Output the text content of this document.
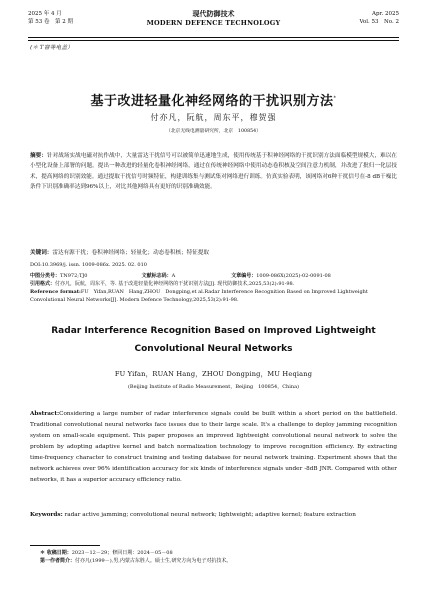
2025 年 4 月
第 53 卷　第 2 期
现代防御技术
MODERN DEFENCE TECHNOLOGY
Apr. 2025
Vol. 53　No. 2
(＊Ｔ窨等电盖）
基于改进轻量化神经网络的干扰识别方法*
付亦凡，阮航，周东平，穆贺强
（北京无线电测量研究所，北京　100854）
摘要：针对战场实战电磁对抗作战中，大量雷达干扰信号可以被简单迅速地生成，使用传统基于积神经网络的干扰识别方法面临模型规模大，难以在小型化设备上部署的问题。提出一种改进的轻量化卷积神经网络，通过在传统神经网络中使用动态卷积核及空间注意力机制，并改进了批归一化层技术，提高网络的识别效能。通过提取干扰信号时频特征，构建训练集与测试集对网络进行训练。仿真实验表明，该网络对6种干扰信号在-8 dB干噪比条件下识别准确率达到96%以上，对比其他网络具有更好的识别准确效能。
关键词：雷达有源干扰；卷积神经网络；轻量化；动态卷积核；特征提取
DOI:10.3969/j. issn. 1009-086x. 2025. 02. 010
中图分类号：TN972;TJ0	文献标志码：A	文章编号：1009-086X(2025)-02-0091-08
引用格式：付亦凡，阮航，周东平，等. 基于改进轻量化神经网络的干扰识别方法[J]. 现代防御技术,2025,53(2):91-98.
Reference format:FU　Yifan,RUAN　Hang,ZHOU　Dongping,et al.Radar Interference Recognition Based on Improved Lightweight Convolutional Neural Networks[J]. Modern Defence Technology,2025,53(2):91-98.
Radar Interference Recognition Based on Improved Lightweight Convolutional Neural Networks
FU Yifan，RUAN Hang，ZHOU Dongping，MU Heqiang
(Beijing Institute of Radio Measurement，Beijing　100854，China)
Abstract:Considering a large number of radar interference signals could be built within a short period on the battlefield. Traditional convolutional neural networks face issues due to their large scale. It's a challenge to deploy jamming recognition system on small-scale equipment. This paper proposes an improved lightweight convolutional neural network to solve the problem by adopting adaptive kernel and batch normalization technology to improve recognition efficiency. By extracting time-frequency character to construct training and testing database for neural network training. Experiment shows that the network achieves over 96% identification accuracy for six kinds of interference signals under -8dB JNR. Compared with other networks, it has a superior accuracy efficiency ratio.
Keywords: radar active jamming; convolutional neural network; lightweight; adaptive kernel; feature extraction
＊ 收稿日期：2023－12－29；修回日期：2024－05－08
第一作者简介：付亦凡(1999－),男,内蒙古东胜人。硕士生,研究方向为电子对抗技术。
